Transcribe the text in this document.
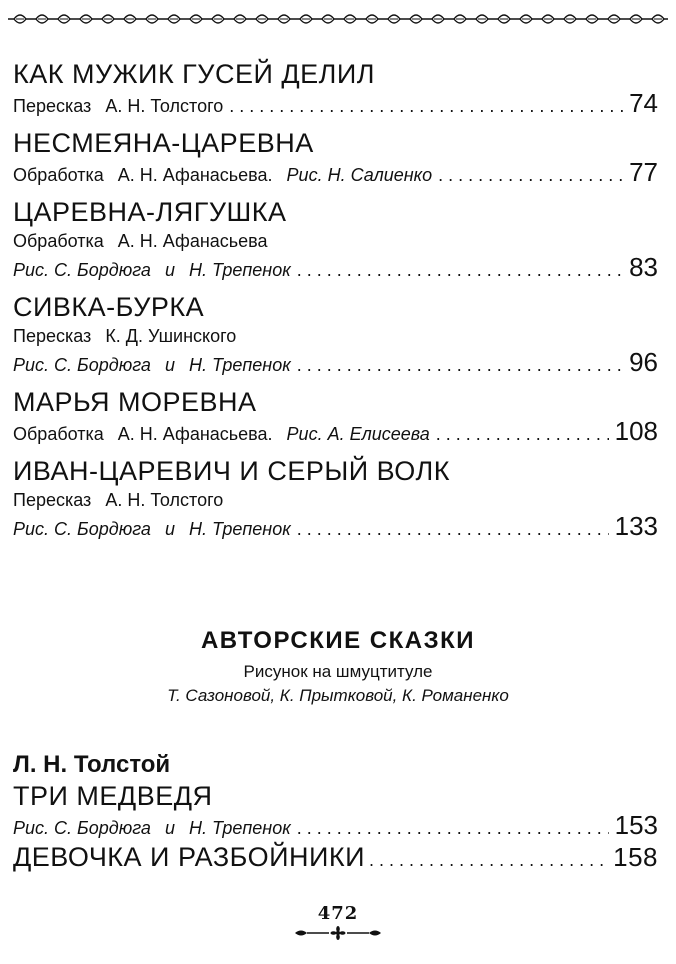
КАК МУЖИК ГУСЕЙ ДЕЛИЛ
Пересказ А. Н. Толстого . . .	74
НЕСМЕЯНА-ЦАРЕВНА
Обработка А. Н. Афанасьева. Рис. Н. Салиенко . . .	77
ЦАРЕВНА-ЛЯГУШКА
Обработка А. Н. Афанасьева
Рис. С. Бордюга и Н. Трепенок . . .	83
СИВКА-БУРКА
Пересказ К. Д. Ушинского
Рис. С. Бордюга и Н. Трепенок . . .	96
МАРЬЯ МОРЕВНА
Обработка А. Н. Афанасьева. Рис. А. Елисеева . . .	108
ИВАН-ЦАРЕВИЧ И СЕРЫЙ ВОЛК
Пересказ А. Н. Толстого
Рис. С. Бордюга и Н. Трепенок . . .	133
АВТОРСКИЕ СКАЗКИ
Рисунок на шмуцтитуле
Т. Сазоновой, К. Прытковой, К. Романенко
Л. Н. Толстой
ТРИ МЕДВЕДЯ
Рис. С. Бордюга и Н. Трепенок . . .	153
ДЕВОЧКА И РАЗБОЙНИКИ . . .	158
472
